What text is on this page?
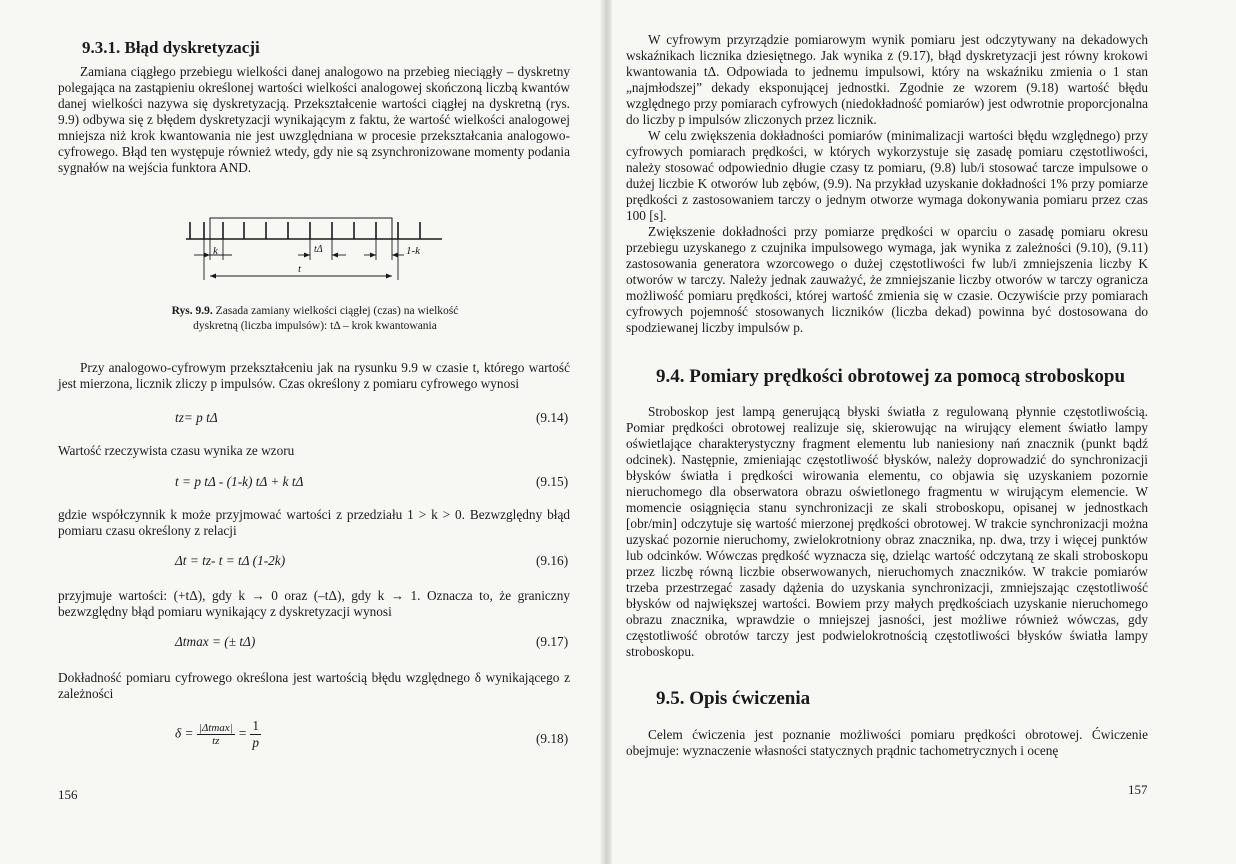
9.3.1. Błąd dyskretyzacji

Zamiana ciągłego przebiegu wielkości danej analogowo na przebieg nieciągły – dyskretny polegająca na zastąpieniu określonej wartości wielkości analogowej skończoną liczbą kwantów danej wielkości nazywa się dyskretyzacją. Przekształcenie wartości ciągłej na dyskretną (rys. 9.9) odbywa się z błędem dyskretyzacji wynikającym z faktu, że wartość wielkości analogowej mniejsza niż krok kwantowania nie jest uwzględniana w procesie przekształcania analogowo-cyfrowego. Błąd ten występuje również wtedy, gdy nie są zsynchronizowane momenty podania sygnałów na wejścia funktora AND.

k	tΔ	1-k
t
Rys. 9.9. Zasada zamiany wielkości ciągłej (czas) na wielkość dyskretną (liczba impulsów): tΔ – krok kwantowania

Przy analogowo-cyfrowym przekształceniu jak na rysunku 9.9 w czasie t, którego wartość jest mierzona, licznik zliczy p impulsów. Czas określony z pomiaru cyfrowego wynosi

tz= p tΔ	(9.14)

Wartość rzeczywista czasu wynika ze wzoru

t = p tΔ - (1-k) tΔ + k tΔ	(9.15)

gdzie współczynnik k może przyjmować wartości z przedziału 1 > k > 0. Bezwzględny błąd pomiaru czasu określony z relacji

Δt = tz- t = tΔ (1-2k)	(9.16)

przyjmuje wartości: (+tΔ), gdy k → 0 oraz (–tΔ), gdy k → 1. Oznacza to, że graniczny bezwzględny błąd pomiaru wynikający z dyskretyzacji wynosi

Δtmax = (± tΔ)	(9.17)

Dokładność pomiaru cyfrowego określona jest wartością błędu względnego δ wynikającego z zależności

$\delta = \frac{|\Delta tmax|}{tz} = \frac{1}{p}$	(9.18)
156

W cyfrowym przyrządzie pomiarowym wynik pomiaru jest odczytywany na dekadowych wskaźnikach licznika dziesiętnego. Jak wynika z (9.17), błąd dyskretyzacji jest równy krokowi kwantowania tΔ. Odpowiada to jednemu impulsowi, który na wskaźniku zmienia o 1 stan „najmłodszej” dekady eksponującej jednostki. Zgodnie ze wzorem (9.18) wartość błędu względnego przy pomiarach cyfrowych (niedokładność pomiarów) jest odwrotnie proporcjonalna do liczby p impulsów zliczonych przez licznik.

W celu zwiększenia dokładności pomiarów (minimalizacji wartości błędu względnego) przy cyfrowych pomiarach prędkości, w których wykorzystuje się zasadę pomiaru częstotliwości, należy stosować odpowiednio długie czasy tz pomiaru, (9.8) lub/i stosować tarcze impulsowe o dużej liczbie K otworów lub zębów, (9.9). Na przykład uzyskanie dokładności 1% przy pomiarze prędkości z zastosowaniem tarczy o jednym otworze wymaga dokonywania pomiaru przez czas 100 [s].

Zwiększenie dokładności przy pomiarze prędkości w oparciu o zasadę pomiaru okresu przebiegu uzyskanego z czujnika impulsowego wymaga, jak wynika z zależności (9.10), (9.11) zastosowania generatora wzorcowego o dużej częstotliwości fw lub/i zmniejszenia liczby K otworów w tarczy. Należy jednak zauważyć, że zmniejszanie liczby otworów w tarczy ogranicza możliwość pomiaru prędkości, której wartość zmienia się w czasie. Oczywiście przy pomiarach cyfrowych pojemność stosowanych liczników (liczba dekad) powinna być dostosowana do spodziewanej liczby impulsów p.

9.4. Pomiary prędkości obrotowej za pomocą stroboskopu

Stroboskop jest lampą generującą błyski światła z regulowaną płynnie częstotliwością. Pomiar prędkości obrotowej realizuje się, skierowując na wirujący element światło lampy oświetlające charakterystyczny fragment elementu lub naniesiony nań znacznik (punkt bądź odcinek). Następnie, zmieniając częstotliwość błysków, należy doprowadzić do synchronizacji błysków światła i prędkości wirowania elementu, co objawia się uzyskaniem pozornie nieruchomego dla obserwatora obrazu oświetlonego fragmentu w wirującym elemencie. W momencie osiągnięcia stanu synchronizacji ze skali stroboskopu, opisanej w jednostkach [obr/min] odczytuje się wartość mierzonej prędkości obrotowej. W trakcie synchronizacji można uzyskać pozornie nieruchomy, zwielokrotniony obraz znacznika, np. dwa, trzy i więcej punktów lub odcinków. Wówczas prędkość wyznacza się, dzieląc wartość odczytaną ze skali stroboskopu przez liczbę równą liczbie obserwowanych, nieruchomych znaczników. W trakcie pomiarów trzeba przestrzegać zasady dążenia do uzyskania synchronizacji, zmniejszając częstotliwość błysków od największej wartości. Bowiem przy małych prędkościach uzyskanie nieruchomego obrazu znacznika, wprawdzie o mniejszej jasności, jest możliwe również wówczas, gdy częstotliwość obrotów tarczy jest podwielokrotnością częstotliwości błysków światła lampy stroboskopu.

9.5. Opis ćwiczenia

Celem ćwiczenia jest poznanie możliwości pomiaru prędkości obrotowej. Ćwiczenie obejmuje: wyznaczenie własności statycznych prądnic tachometrycznych i ocenę

157
